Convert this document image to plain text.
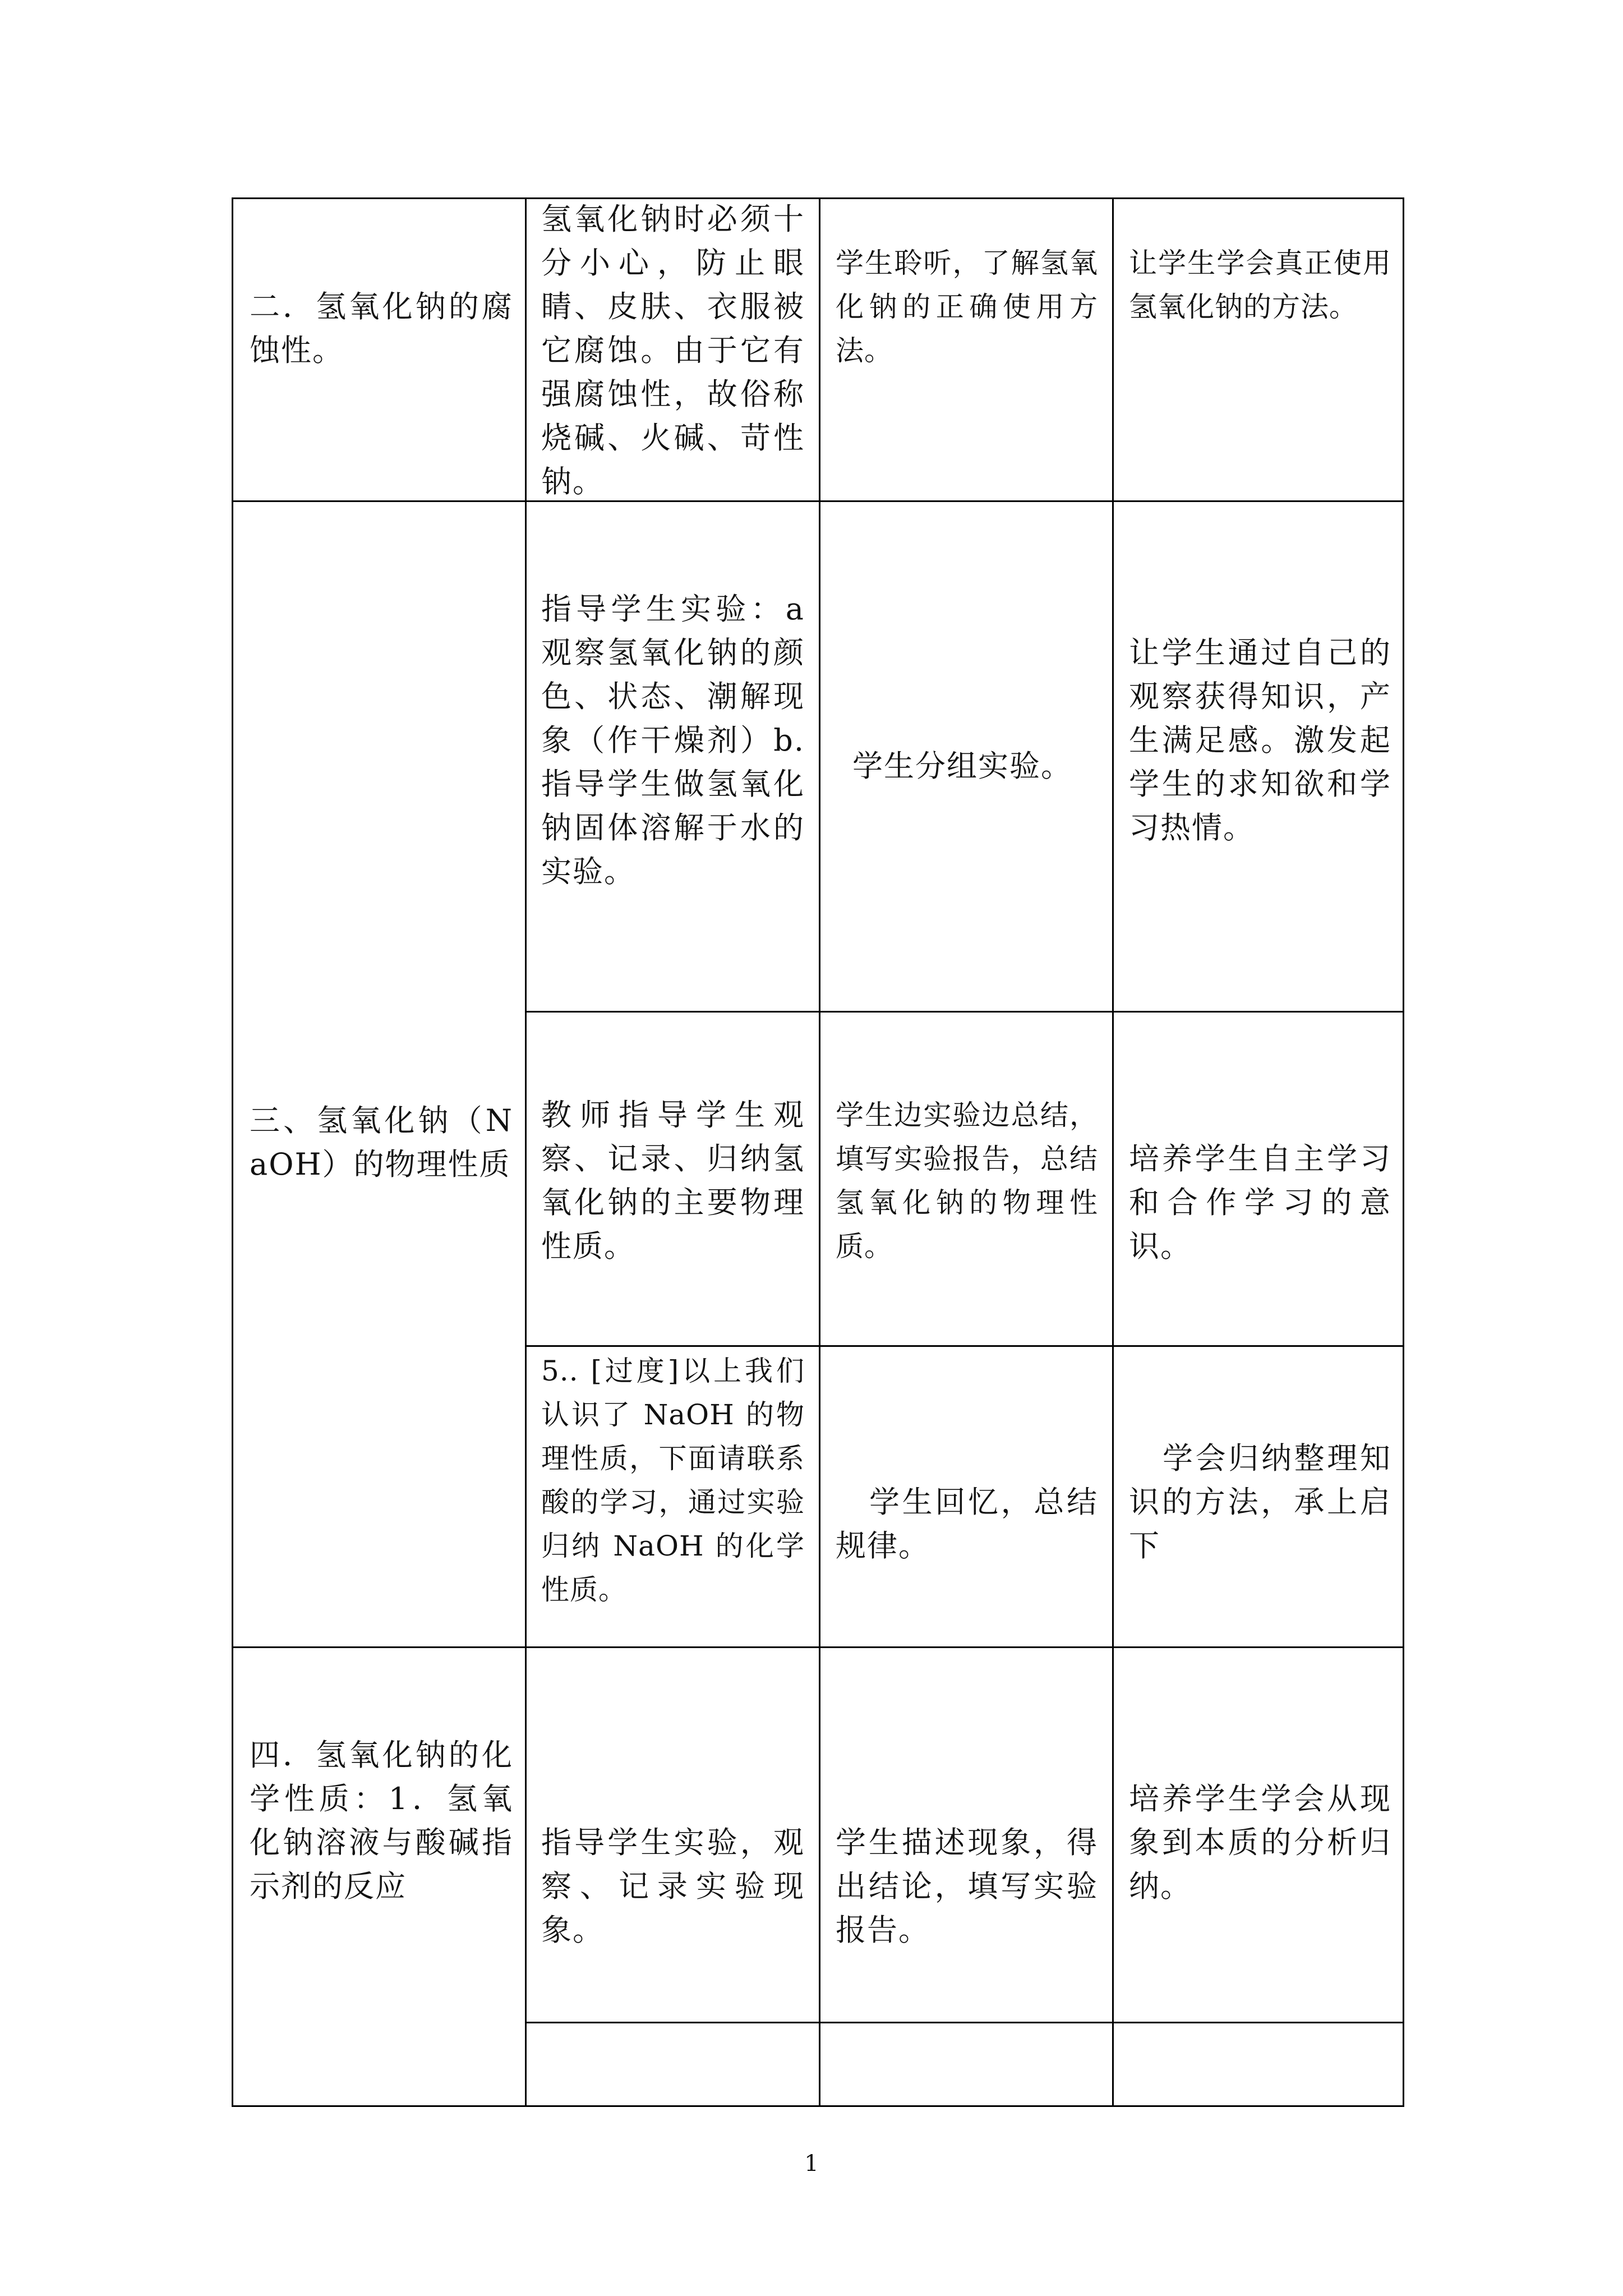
二．氢氧化钠的腐蚀性。
氢氧化钠时必须十分小心，防止眼睛、皮肤、衣服被它腐蚀。由于它有强腐蚀性，故俗称烧碱、火碱、苛性钠。
学生聆听，了解氢氧化钠的正确使用方法。
让学生学会真正使用氢氧化钠的方法。
三、氢氧化钠（NaOH）的物理性质
指导学生实验：a观察氢氧化钠的颜色、状态、潮解现象（作干燥剂）b.指导学生做氢氧化钠固体溶解于水的实验。
学生分组实验。
让学生通过自己的观察获得知识，产生满足感。激发起学生的求知欲和学习热情。
教师指导学生观察、记录、归纳氢氧化钠的主要物理性质。
学生边实验边总结，填写实验报告，总结氢氧化钠的物理性质。
培养学生自主学习和合作学习的意识。
5.. [过度]以上我们认识了 NaOH 的物理性质，下面请联系酸的学习，通过实验归纳 NaOH 的化学性质。
学生回忆，总结规律。
学会归纳整理知识的方法，承上启下
四．氢氧化钠的化学性质：1．氢氧化钠溶液与酸碱指示剂的反应
指导学生实验，观察、记录实验现象。
学生描述现象，得出结论，填写实验报告。
培养学生学会从现象到本质的分析归纳。
1
